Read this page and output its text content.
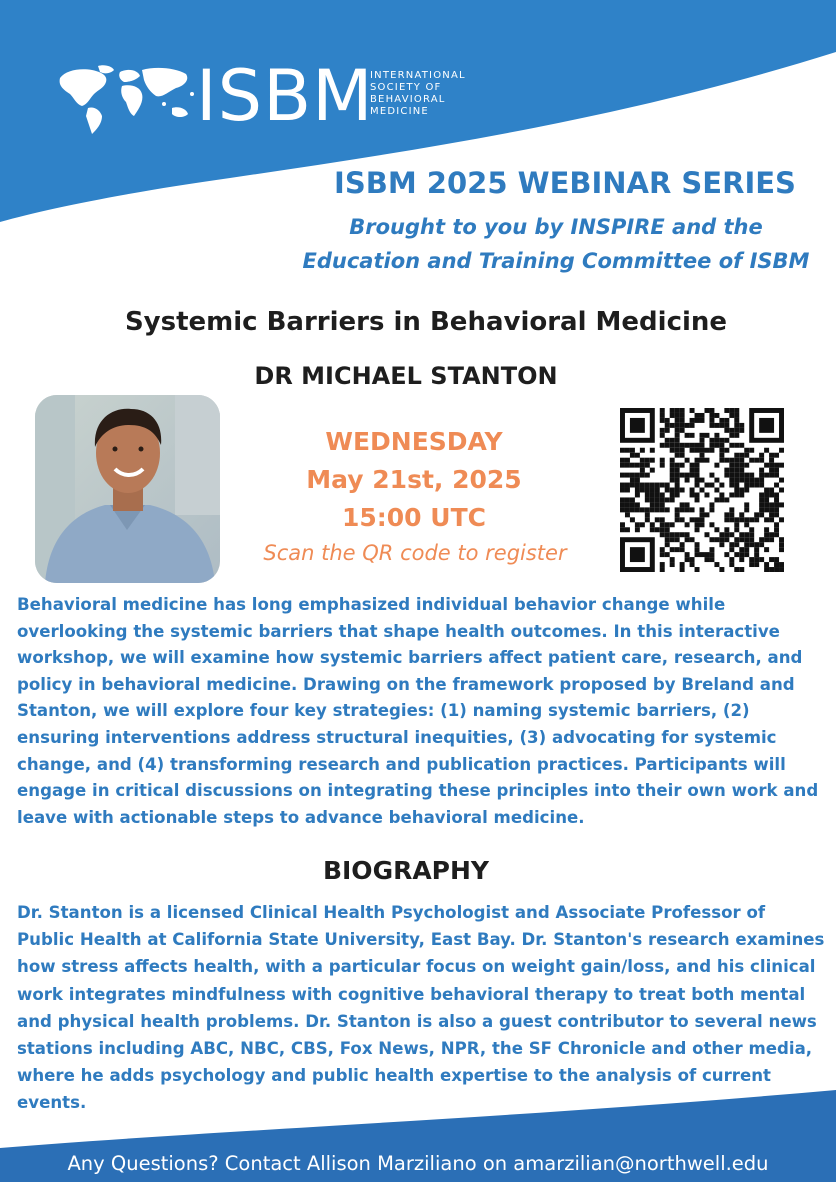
ISBM
INTERNATIONAL
SOCIETY OF
BEHAVIORAL
MEDICINE
ISBM 2025 WEBINAR SERIES
Brought to you by INSPIRE and the
Education and Training Committee of ISBM
Systemic Barriers in Behavioral Medicine
DR MICHAEL STANTON
WEDNESDAY
May 21st, 2025
15:00 UTC
Scan the QR code to register
Behavioral medicine has long emphasized individual behavior change while overlooking the systemic barriers that shape health outcomes. In this interactive workshop, we will examine how systemic barriers affect patient care, research, and policy in behavioral medicine. Drawing on the framework proposed by Breland and Stanton, we will explore four key strategies: (1) naming systemic barriers, (2) ensuring interventions address structural inequities, (3) advocating for systemic change, and (4) transforming research and publication practices. Participants will engage in critical discussions on integrating these principles into their own work and leave with actionable steps to advance behavioral medicine.
BIOGRAPHY
Dr. Stanton is a licensed Clinical Health Psychologist and Associate Professor of Public Health at California State University, East Bay. Dr. Stanton's research examines how stress affects health, with a particular focus on weight gain/loss, and his clinical work integrates mindfulness with cognitive behavioral therapy to treat both mental and physical health problems. Dr. Stanton is also a guest contributor to several news stations including ABC, NBC, CBS, Fox News, NPR, the SF Chronicle and other media, where he adds psychology and public health expertise to the analysis of current events.
Any Questions? Contact Allison Marziliano on amarzilian@northwell.edu
